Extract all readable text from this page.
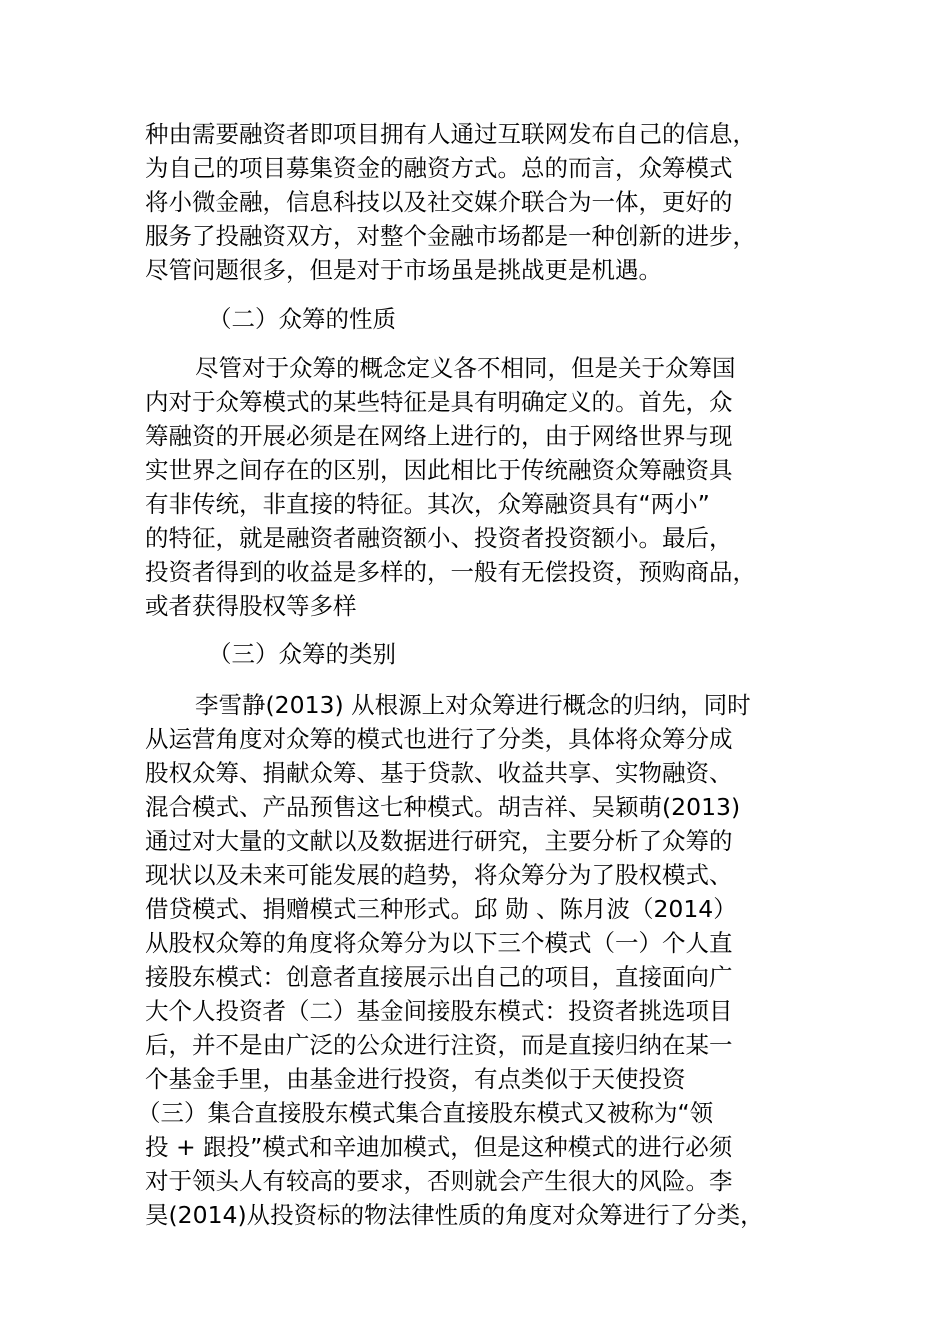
种由需要融资者即项目拥有人通过互联网发布自己的信息，
为自己的项目募集资金的融资方式。总的而言，众筹模式
将小微金融，信息科技以及社交媒介联合为一体，更好的
服务了投融资双方，对整个金融市场都是一种创新的进步，
尽管问题很多，但是对于市场虽是挑战更是机遇。
（二）众筹的性质
尽管对于众筹的概念定义各不相同，但是关于众筹国
内对于众筹模式的某些特征是具有明确定义的。首先，众
筹融资的开展必须是在网络上进行的，由于网络世界与现
实世界之间存在的区别，因此相比于传统融资众筹融资具
有非传统，非直接的特征。其次，众筹融资具有“两小”
的特征，就是融资者融资额小、投资者投资额小。最后，
投资者得到的收益是多样的，一般有无偿投资，预购商品，
或者获得股权等多样
（三）众筹的类别
李雪静(2013) 从根源上对众筹进行概念的归纳，同时
从运营角度对众筹的模式也进行了分类，具体将众筹分成
股权众筹、捐献众筹、基于贷款、收益共享、实物融资、
混合模式、产品预售这七种模式。胡吉祥、吴颖萌(2013)
通过对大量的文献以及数据进行研究，主要分析了众筹的
现状以及未来可能发展的趋势，将众筹分为了股权模式、
借贷模式、捐赠模式三种形式。邱 勋 、陈月波（2014）
从股权众筹的角度将众筹分为以下三个模式（一）个人直
接股东模式：创意者直接展示出自己的项目，直接面向广
大个人投资者（二）基金间接股东模式：投资者挑选项目
后，并不是由广泛的公众进行注资，而是直接归纳在某一
个基金手里，由基金进行投资，有点类似于天使投资
（三）集合直接股东模式集合直接股东模式又被称为“领
投 + 跟投”模式和辛迪加模式，但是这种模式的进行必须
对于领头人有较高的要求，否则就会产生很大的风险。李
昊(2014)从投资标的物法律性质的角度对众筹进行了分类，
